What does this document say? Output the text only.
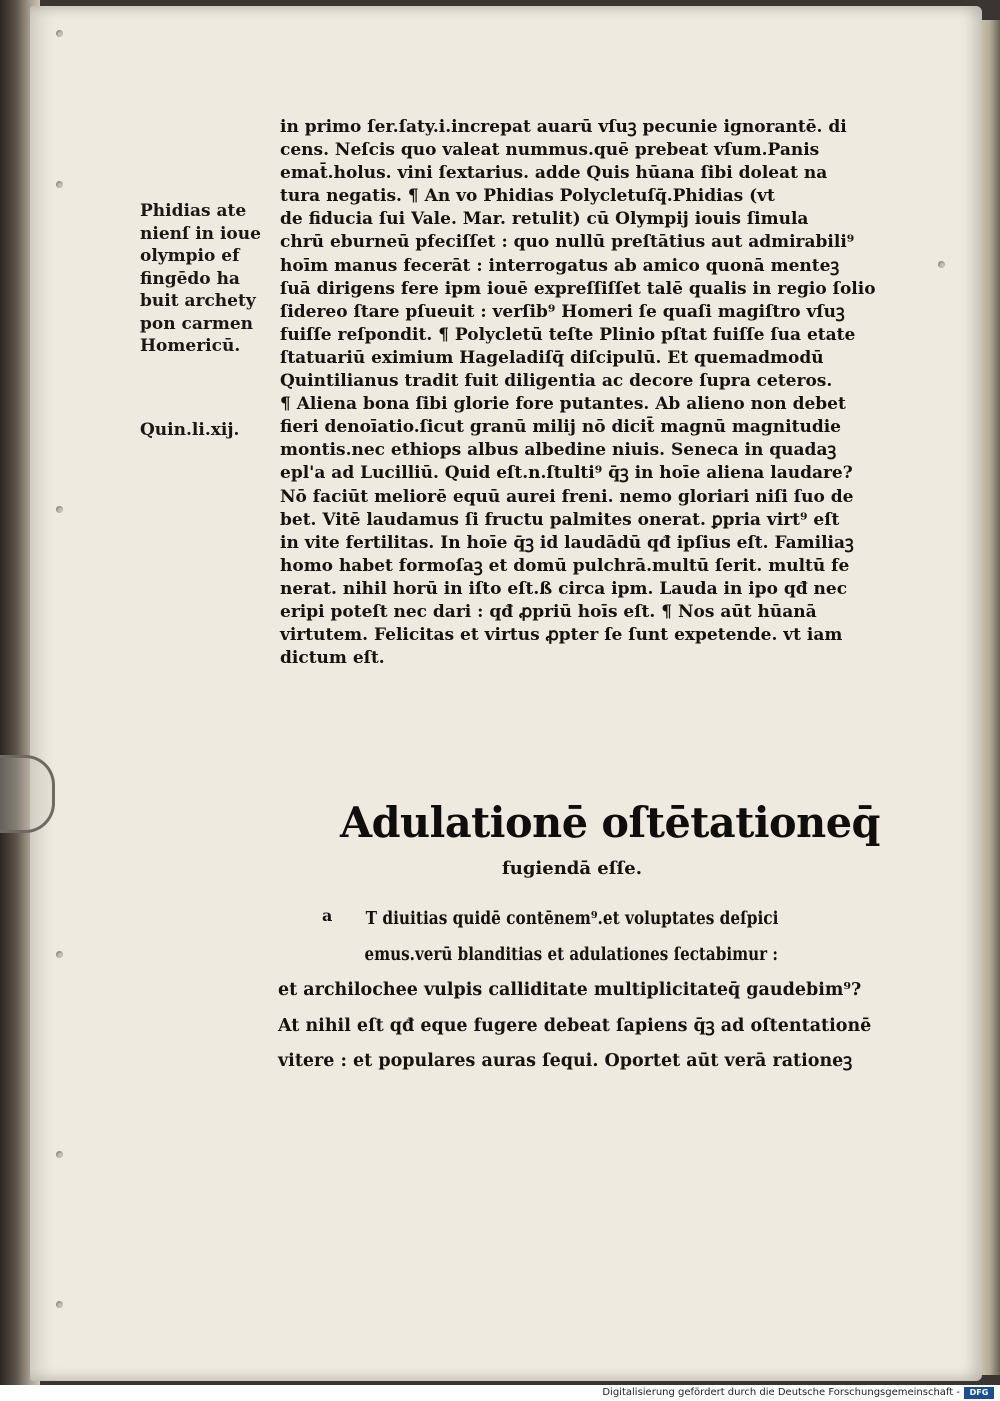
Phidias ate
nienſ in ioue
olympio ef
fingēdo ha
buit archety
pon carmen
Homericū.
Quin.li.xij.
in primo ſer.ſaty.i.increpat auarū vſuꝫ pecunie ignorantē. di
cens. Neſcis quo valeat nummus.quē prebeat vſum.Panis
emat̄.holus. vini ſextarius. adde Quis hūana ſibi doleat na
tura negatis. ¶ An vo Phidias Polycletuſq̄.Phidias (vt
de fiducia ſui Vale. Mar. retulit) cū Olympij iouis ſimula
chrū eburneū pfeciſſet : quo nullū preſtātius aut admirabili⁹
hoīm manus fecerāt : interrogatus ab amico quonā menteꝫ
ſuā dirigens fere ipm iouē expreſſiſſet talē qualis in regio ſolio
ſidereo ſtare pſueuit : verſib⁹ Homeri ſe quaſi magiſtro vſuꝫ
fuiſſe reſpondit. ¶ Polycletū teſte Plinio pſtat fuiſſe ſua etate
ſtatuariū eximium Hageladiſq̄ diſcipulū. Et quemadmodū
Quintilianus tradit fuit diligentia ac decore ſupra ceteros.
¶ Aliena bona ſibi glorie fore putantes. Ab alieno non debet
fieri denoīatio.ſicut granū milij nō dicit̄ magnū magnitudie
montis.nec ethiops albus albedine niuis. Seneca in quadaꝫ
epl'a ad Lucilliū. Quid eſt.n.ſtulti⁹ q̄ꝫ in hoīe aliena laudare?
Nō faciūt meliorē equū aurei freni. nemo gloriari niſi ſuo de
bet. Vitē laudamus ſi fructu palmites onerat. ꝑpria virt⁹ eſt
in vite fertilitas. In hoīe q̄ꝫ id laudādū qđ ipſius eſt. Familiaꝫ
homo habet formoſaꝫ et domū pulchrā.multū ſerit. multū fe
nerat. nihil horū in iſto eſt.ß circa ipm. Lauda in ipo qđ nec
eripi poteſt nec dari : qđ ꝓpriū hoīs eſt. ¶ Nos aūt hūanā
virtutem. Felicitas et virtus ꝓpter ſe ſunt expetende. vt iam
dictum eſt.
Adulationē oſtētationeq̄
fugiendā eſſe.
a	T diuitias quidē contēnem⁹.et voluptates deſpici
emus.verū blanditias et adulationes ſectabimur :
et archilochee vulpis calliditate multiplicitateq̄ gaudebim⁹?
At nihil eſt qđ eque fugere debeat ſapiens q̄ꝫ ad oſtentationē
vitere : et populares auras ſequi. Oportet aūt verā rationeꝫ
Digitalisierung gefördert durch die Deutsche Forschungsgemeinschaft -	DFG
